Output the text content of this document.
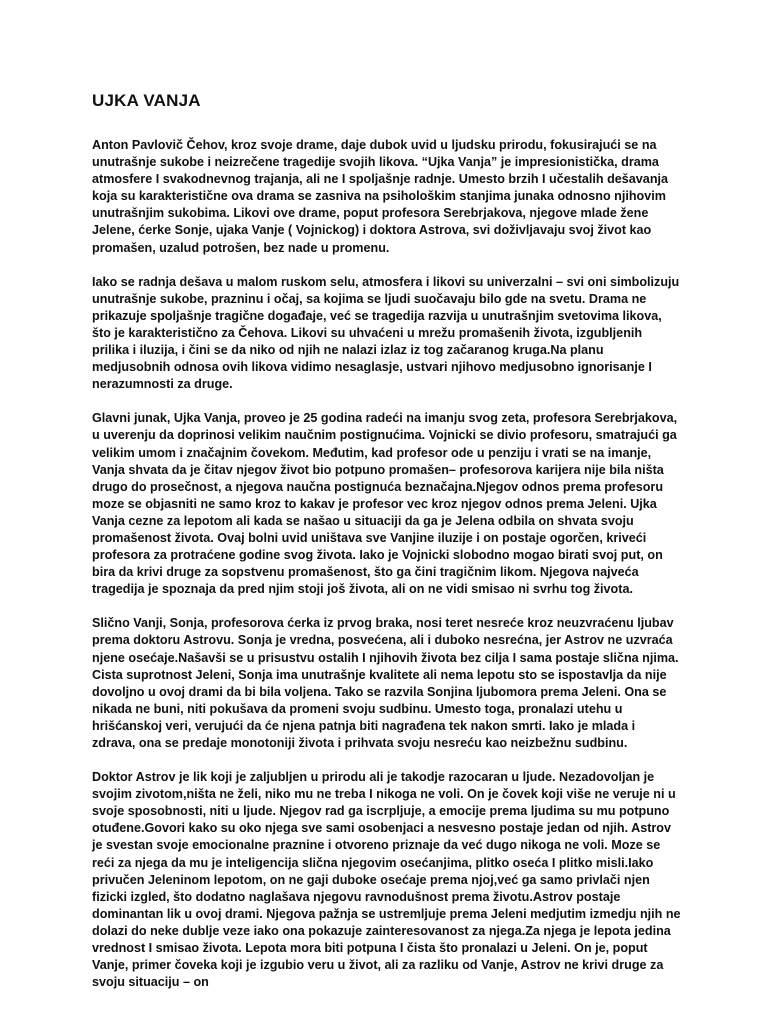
UJKA VANJA

Anton Pavlovič Čehov, kroz svoje drame, daje dubok uvid u ljudsku prirodu, fokusirajući se na unutrašnje sukobe i neizrečene tragedije svojih likova. “Ujka Vanja” je impresionistička, drama atmosfere I svakodnevnog trajanja, ali ne I spoljašnje radnje. Umesto brzih I učestalih dešavanja koja su karakteristične ova drama se zasniva na psihološkim stanjima junaka odnosno njihovim unutrašnjim sukobima. Likovi ove drame, poput profesora Serebrjakova, njegove mlade žene Jelene, ćerke Sonje, ujaka Vanje ( Vojnickog) i doktora Astrova, svi doživljavaju svoj život kao promašen, uzalud potrošen, bez nade u promenu.

Iako se radnja dešava u malom ruskom selu, atmosfera i likovi su univerzalni – svi oni simbolizuju unutrašnje sukobe, prazninu i očaj, sa kojima se ljudi suočavaju bilo gde na svetu. Drama ne prikazuje spoljašnje tragične događaje, već se tragedija razvija u unutrašnjim svetovima likova, što je karakteristično za Čehova. Likovi su uhvaćeni u mrežu promašenih života, izgubljenih prilika i iluzija, i čini se da niko od njih ne nalazi izlaz iz tog začaranog kruga.Na planu medjusobnih odnosa ovih likova vidimo nesaglasje, ustvari njihovo medjusobno ignorisanje I nerazumnosti za druge.

Glavni junak, Ujka Vanja, proveo je 25 godina radeći na imanju svog zeta, profesora Serebrjakova, u uverenju da doprinosi velikim naučnim postignućima. Vojnicki se divio profesoru, smatrajući ga velikim umom i značajnim čovekom. Međutim, kad profesor ode u penziju i vrati se na imanje, Vanja shvata da je čitav njegov život bio potpuno promašen– profesorova karijera nije bila ništa drugo do prosečnost, a njegova naučna postignuća beznačajna.Njegov odnos prema profesoru moze se objasniti ne samo kroz to kakav je profesor vec kroz njegov odnos prema Jeleni. Ujka Vanja cezne za lepotom ali kada se našao u situaciji da ga je Jelena odbila on shvata svoju promašenost života. Ovaj bolni uvid uništava sve Vanjine iluzije i on postaje ogorčen, krivеći profesora za protraćene godine svog života. Iako je Vojnicki slobodno mogao birati svoj put, on bira da krivi druge za sopstvenu promašenost, što ga čini tragičnim likom. Njegova najveća tragedija je spoznaja da pred njim stoji još života, ali on ne vidi smisao ni svrhu tog života.

Slično Vanji, Sonja, profesorova ćerka iz prvog braka, nosi teret nesreće kroz neuzvraćenu ljubav prema doktoru Astrovu. Sonja je vredna, posvećena, ali i duboko nesrećna, jer Astrov ne uzvraća njene osećaje.Našavši se u prisustvu ostalih I njihovih života bez cilja I sama postaje slična njima. Cista suprotnost Jeleni, Sonja ima unutrašnje kvalitete ali nema lepotu sto se ispostavlja da nije dovoljno u ovoj drami da bi bila voljena. Tako se razvila Sonjina ljubomora prema Jeleni. Ona se nikada ne buni, niti pokušava da promeni svoju sudbinu. Umesto toga, pronalazi utehu u hrišćanskoj veri, verujući da će njena patnja biti nagrađena tek nakon smrti. Iako je mlada i zdrava, ona se predaje monotoniji života i prihvata svoju nesreću kao neizbežnu sudbinu.

Doktor Astrov je lik koji je zaljubljen u prirodu ali je takodje razocaran u ljude. Nezadovoljan je svojim zivotom,ništa ne želi, niko mu ne treba I nikoga ne voli. On je čovek koji više ne veruje ni u svoje sposobnosti, niti u ljude. Njegov rad ga iscrpljuje, a emocije prema ljudima su mu potpuno otuđene.Govori kako su oko njega sve sami osobenjaci a nesvesno postaje jedan od njih. Astrov je svestan svoje emocionalne praznine i otvoreno priznaje da već dugo nikoga ne voli. Moze se reći za njega da mu je inteligencija slična njegovim osećanjima, plitko oseća I plitko misli.Iako privučen Jeleninom lepotom, on ne gaji duboke osećaje prema njoj,već ga samo privlači njen fizicki izgled, što dodatno naglašava njegovu ravnodušnost prema životu.Astrov postaje dominantan lik u ovoj drami. Njegova pažnja se ustremljuje prema Jeleni medjutim izmedju njih ne dolazi do neke dublje veze iako ona pokazuje zainteresovanost za njega.Za njega je lepota jedina vrednost I smisao života. Lepota mora biti potpuna I čista što pronalazi u Jeleni. On je, poput Vanje, primer čoveka koji je izgubio veru u život, ali za razliku od Vanje, Astrov ne krivi druge za svoju situaciju – on
